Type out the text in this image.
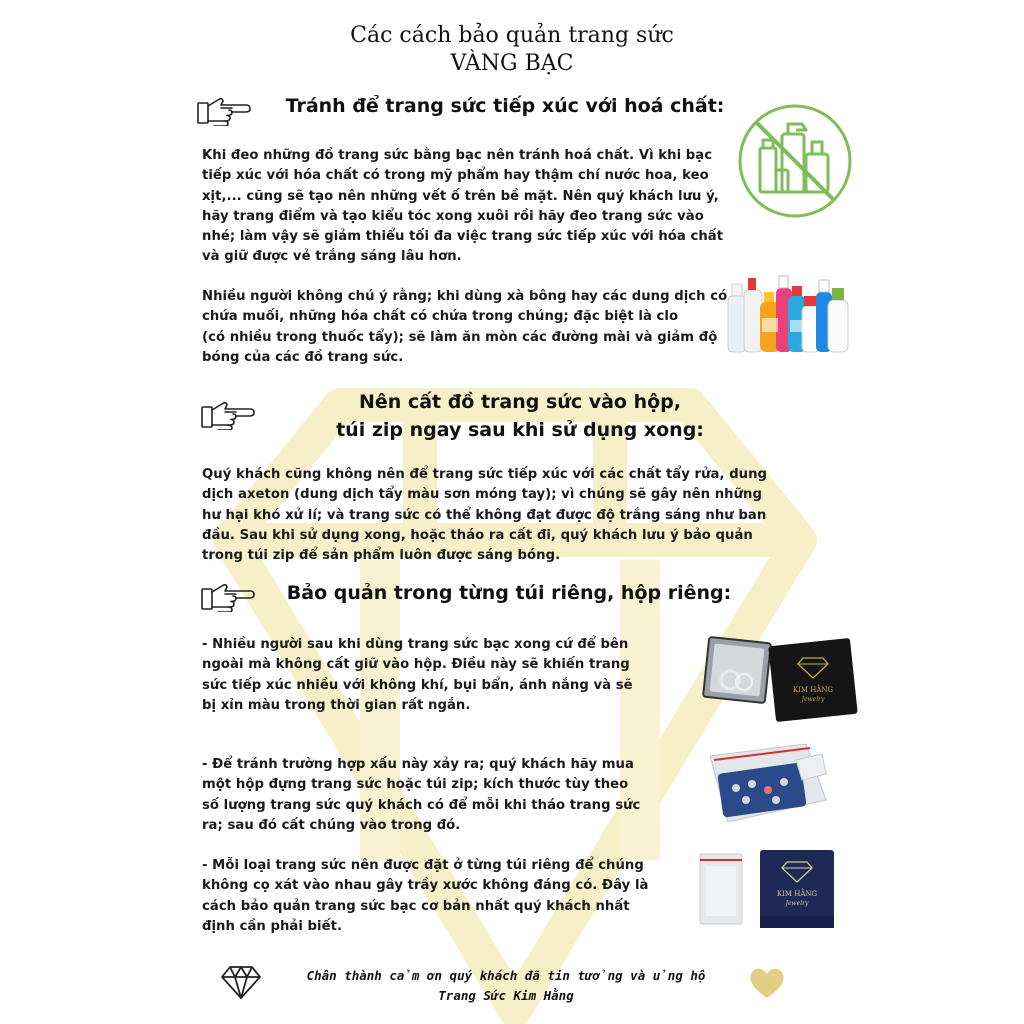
Các cách bảo quản trang sức
VÀNG BẠC
Tránh để trang sức tiếp xúc với hoá chất:
Khi đeo những đồ trang sức bằng bạc nên tránh hoá chất. Vì khi bạc
tiếp xúc với hóa chất có trong mỹ phẩm hay thậm chí nước hoa, keo
xịt,... cũng sẽ tạo nên những vết ố trên bề mặt. Nên quý khách lưu ý,
hãy trang điểm và tạo kiểu tóc xong xuôi rồi hãy đeo trang sức vào
nhé; làm vậy sẽ giảm thiểu tối đa việc trang sức tiếp xúc với hóa chất
và giữ được vẻ trắng sáng lâu hơn.
Nhiều người không chú ý rằng; khi dùng xà bông hay các dung dịch có
chứa muối, những hóa chất có chứa trong chúng; đặc biệt là clo
(có nhiều trong thuốc tẩy); sẽ làm ăn mòn các đường mài và giảm độ
bóng của các đồ trang sức.
Nên cất đồ trang sức vào hộp,
túi zip ngay sau khi sử dụng xong:
Quý khách cũng không nên để trang sức tiếp xúc với các chất tẩy rửa, dung
dịch axeton (dung dịch tẩy màu sơn móng tay); vì chúng sẽ gây nên những
hư hại khó xử lí; và trang sức có thể không đạt được độ trắng sáng như ban
đầu. Sau khi sử dụng xong, hoặc tháo ra cất đi, quý khách lưu ý bảo quản
trong túi zip để sản phẩm luôn được sáng bóng.
Bảo quản trong từng túi riêng, hộp riêng:
- Nhiều người sau khi dùng trang sức bạc xong cứ để bên
ngoài mà không cất giữ vào hộp. Điều này sẽ khiến trang
sức tiếp xúc nhiều với không khí, bụi bẩn, ánh nắng và sẽ
bị xỉn màu trong thời gian rất ngắn.
- Để tránh trường hợp xấu này xảy ra; quý khách hãy mua
một hộp đựng trang sức hoặc túi zip; kích thước tùy theo
số lượng trang sức quý khách có để mỗi khi tháo trang sức
ra; sau đó cất chúng vào trong đó.
- Mỗi loại trang sức nên được đặt ở từng túi riêng để chúng
không cọ xát vào nhau gây trầy xước không đáng có. Đây là
cách bảo quản trang sức bạc cơ bản nhất quý khách nhất
định cần phải biết.
KIM HẰNG
Jewelry
KIM HẰNG
Jewelry
Chân thành cảm ơn quý khách đã tin tưởng và ủng hộ
Trang Sức Kim Hằng
